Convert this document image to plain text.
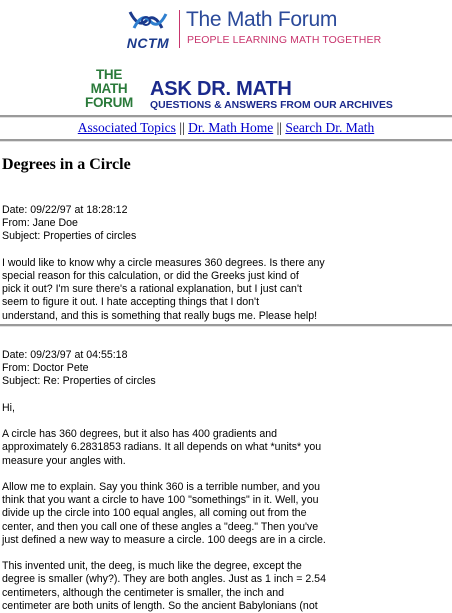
NCTM
The Math Forum
PEOPLE LEARNING MATH TOGETHER
THE
MATH
FORUM
ASK DR. MATH
QUESTIONS & ANSWERS FROM OUR ARCHIVES
Associated Topics || Dr. Math Home || Search Dr. Math
Degrees in a Circle

Date: 09/22/97 at 18:28:12

From: Jane Doe

Subject: Properties of circles

I would like to know why a circle measures 360 degrees. Is there any
special reason for this calculation, or did the Greeks just kind of
pick it out? I'm sure there's a rational explanation, but I just can't
seem to figure it out. I hate accepting things that I don't
understand, and this is something that really bugs me. Please help!

Date: 09/23/97 at 04:55:18

From: Doctor Pete

Subject: Re: Properties of circles

Hi,

A circle has 360 degrees, but it also has 400 gradients and
approximately 6.2831853 radians. It all depends on what *units* you
measure your angles with.

Allow me to explain. Say you think 360 is a terrible number, and you
think that you want a circle to have 100 "somethings" in it. Well, you
divide up the circle into 100 equal angles, all coming out from the
center, and then you call one of these angles a "deeg." Then you've
just defined a new way to measure a circle. 100 deegs are in a circle.

This invented unit, the deeg, is much like the degree, except the
degree is smaller (why?). They are both angles. Just as 1 inch = 2.54
centimeters, although the centimeter is smaller, the inch and
centimeter are both units of length. So the ancient Babylonians (not
